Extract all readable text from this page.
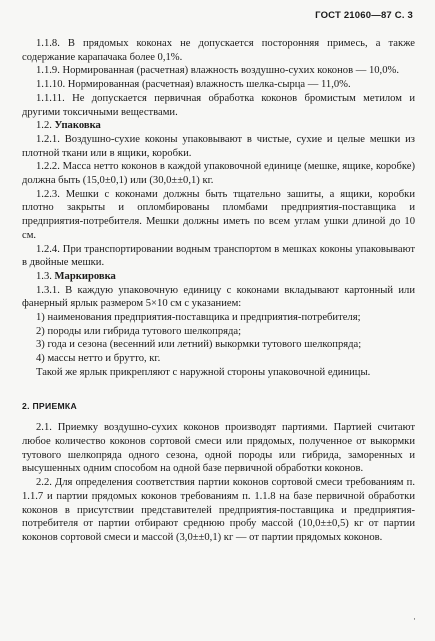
ГОСТ 21060—87 С. 3

1.1.8. В прядомых коконах не допускается посторонняя примесь, а также содержание карапачака более 0,1%.

1.1.9. Нормированная (расчетная) влажность воздушно-сухих коконов — 10,0%.

1.1.10. Нормированная (расчетная) влажность шелка-сырца — 11,0%.

1.1.11. Не допускается первичная обработка коконов бромистым метилом и другими токсичными веществами.

1.2. Упаковка

1.2.1. Воздушно-сухие коконы упаковывают в чистые, сухие и целые мешки из плотной ткани или в ящики, коробки.

1.2.2. Масса нетто коконов в каждой упаковочной единице (мешке, ящике, коробке) должна быть (15,0±0,1) или (30,0±±0,1) кг.

1.2.3. Мешки с коконами должны быть тщательно зашиты, а ящики, коробки плотно закрыты и опломбированы пломбами предприятия-поставщика и предприятия-потребителя. Мешки должны иметь по всем углам ушки длиной до 10 см.

1.2.4. При транспортировании водным транспортом в мешках коконы упаковывают в двойные мешки.

1.3. Маркировка

1.3.1. В каждую упаковочную единицу с коконами вкладывают картонный или фанерный ярлык размером 5×10 см с указанием:

1) наименования предприятия-поставщика и предприятия-потребителя;

2) породы или гибрида тутового шелкопряда;

3) года и сезона (весенний или летний) выкормки тутового шелкопряда;

4) массы нетто и брутто, кг.

Такой же ярлык прикрепляют с наружной стороны упаковочной единицы.

2. ПРИЕМКА

2.1. Приемку воздушно-сухих коконов производят партиями. Партией считают любое количество коконов сортовой смеси или прядомых, полученное от выкормки тутового шелкопряда одного сезона, одной породы или гибрида, заморенных и высушенных одним способом на одной базе первичной обработки коконов.

2.2. Для определения соответствия партии коконов сортовой смеси требованиям п. 1.1.7 и партии прядомых коконов требованиям п. 1.1.8 на базе первичной обработки коконов в присутствии представителей предприятия-поставщика и предприятия-потребителя от партии отбирают среднюю пробу массой (10,0±±0,5) кг от партии коконов сортовой смеси и массой (3,0±±0,1) кг — от партии прядомых коконов.

·
